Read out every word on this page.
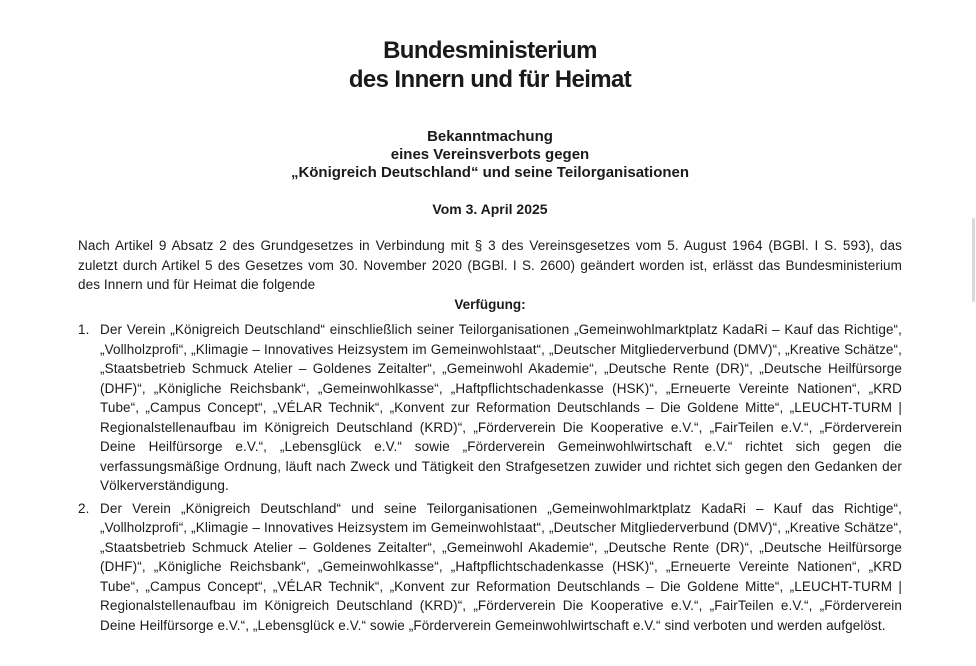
Bundesministerium
des Innern und für Heimat
Bekanntmachung
eines Vereinsverbots gegen
„Königreich Deutschland“ und seine Teilorganisationen
Vom 3. April 2025

Nach Artikel 9 Absatz 2 des Grundgesetzes in Verbindung mit § 3 des Vereinsgesetzes vom 5. August 1964 (BGBl. I S. 593), das zuletzt durch Artikel 5 des Gesetzes vom 30. November 2020 (BGBl. I S. 2600) geändert worden ist, erlässt das Bundesministerium des Innern und für Heimat die folgende

Verfügung:
1. Der Verein „Königreich Deutschland“ einschließlich seiner Teilorganisationen „Gemeinwohlmarktplatz KadaRi – Kauf das Richtige“, „Vollholzprofi“, „Klimagie – Innovatives Heizsystem im Gemeinwohlstaat“, „Deutscher Mitgliederverbund (DMV)“, „Kreative Schätze“, „Staatsbetrieb Schmuck Atelier – Goldenes Zeitalter“, „Gemeinwohl Akademie“, „Deutsche Rente (DR)“, „Deutsche Heilfürsorge (DHF)“, „Königliche Reichsbank“, „Gemeinwohlkasse“, „Haftpflichtschadenkasse (HSK)“, „Erneuerte Vereinte Nationen“, „KRD Tube“, „Campus Concept“, „VÉLAR Technik“, „Konvent zur Reformation Deutschlands – Die Goldene Mitte“, „LEUCHT-TURM | Regionalstellenaufbau im Königreich Deutschland (KRD)“, „Förderverein Die Kooperative e.V.“, „FairTeilen e.V.“, „Förderverein Deine Heilfürsorge e.V.“, „Lebensglück e.V.“ sowie „Förderverein Gemeinwohlwirtschaft e.V.“ richtet sich gegen die verfassungsmäßige Ordnung, läuft nach Zweck und Tätigkeit den Strafgesetzen zuwider und richtet sich gegen den Gedanken der Völkerverständigung.
2. Der Verein „Königreich Deutschland“ und seine Teilorganisationen „Gemeinwohlmarktplatz KadaRi – Kauf das Richtige“, „Vollholzprofi“, „Klimagie – Innovatives Heizsystem im Gemeinwohlstaat“, „Deutscher Mitgliederverbund (DMV)“, „Kreative Schätze“, „Staatsbetrieb Schmuck Atelier – Goldenes Zeitalter“, „Gemeinwohl Akademie“, „Deutsche Rente (DR)“, „Deutsche Heilfürsorge (DHF)“, „Königliche Reichsbank“, „Gemeinwohlkasse“, „Haftpflichtschadenkasse (HSK)“, „Erneuerte Vereinte Nationen“, „KRD Tube“, „Campus Concept“, „VÉLAR Technik“, „Konvent zur Reformation Deutschlands – Die Goldene Mitte“, „LEUCHT-TURM | Regionalstellenaufbau im Königreich Deutschland (KRD)“, „Förderverein Die Kooperative e.V.“, „FairTeilen e.V.“, „Förderverein Deine Heilfürsorge e.V.“, „Lebensglück e.V.“ sowie „Förderverein Gemeinwohlwirtschaft e.V.“ sind verboten und werden aufgelöst.
